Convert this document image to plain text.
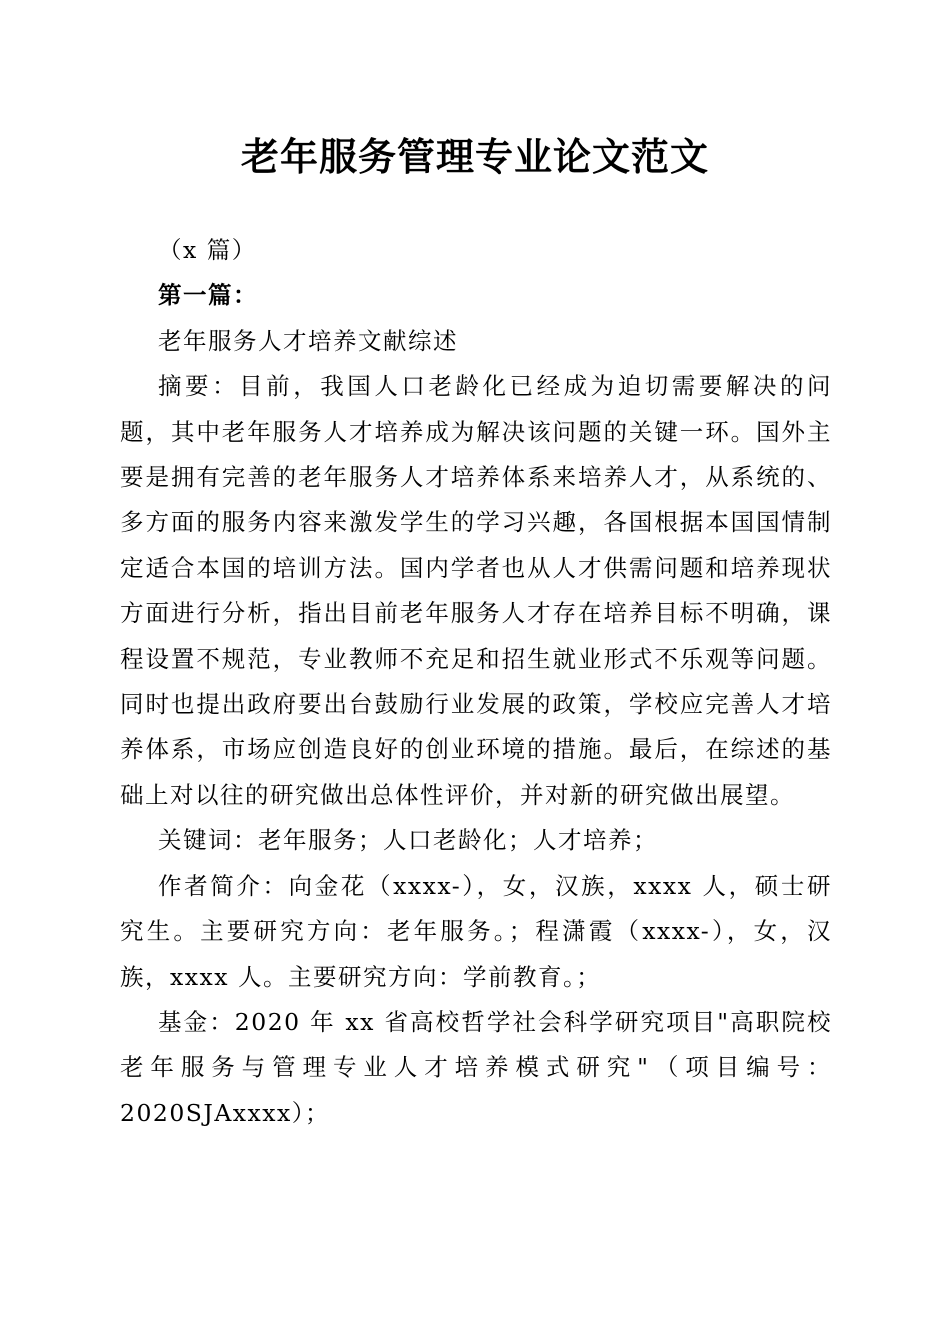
老年服务管理专业论文范文

（x 篇）

第一篇：

老年服务人才培养文献综述

摘要：目前，我国人口老龄化已经成为迫切需要解决的问题，其中老年服务人才培养成为解决该问题的关键一环。国外主要是拥有完善的老年服务人才培养体系来培养人才，从系统的、多方面的服务内容来激发学生的学习兴趣，各国根据本国国情制定适合本国的培训方法。国内学者也从人才供需问题和培养现状方面进行分析，指出目前老年服务人才存在培养目标不明确，课程设置不规范，专业教师不充足和招生就业形式不乐观等问题。同时也提出政府要出台鼓励行业发展的政策，学校应完善人才培养体系，市场应创造良好的创业环境的措施。最后，在综述的基础上对以往的研究做出总体性评价，并对新的研究做出展望。

关键词：老年服务；人口老龄化；人才培养；

作者简介：向金花（xxxx-），女，汉族，xxxx 人，硕士研究生。主要研究方向：老年服务。；程潇霞（xxxx-），女，汉族，xxxx 人。主要研究方向：学前教育。；

基金：2020 年 xx 省高校哲学社会科学研究项目"高职院校老年服务与管理专业人才培养模式研究"（项目编号：2020SJAxxxx）；
